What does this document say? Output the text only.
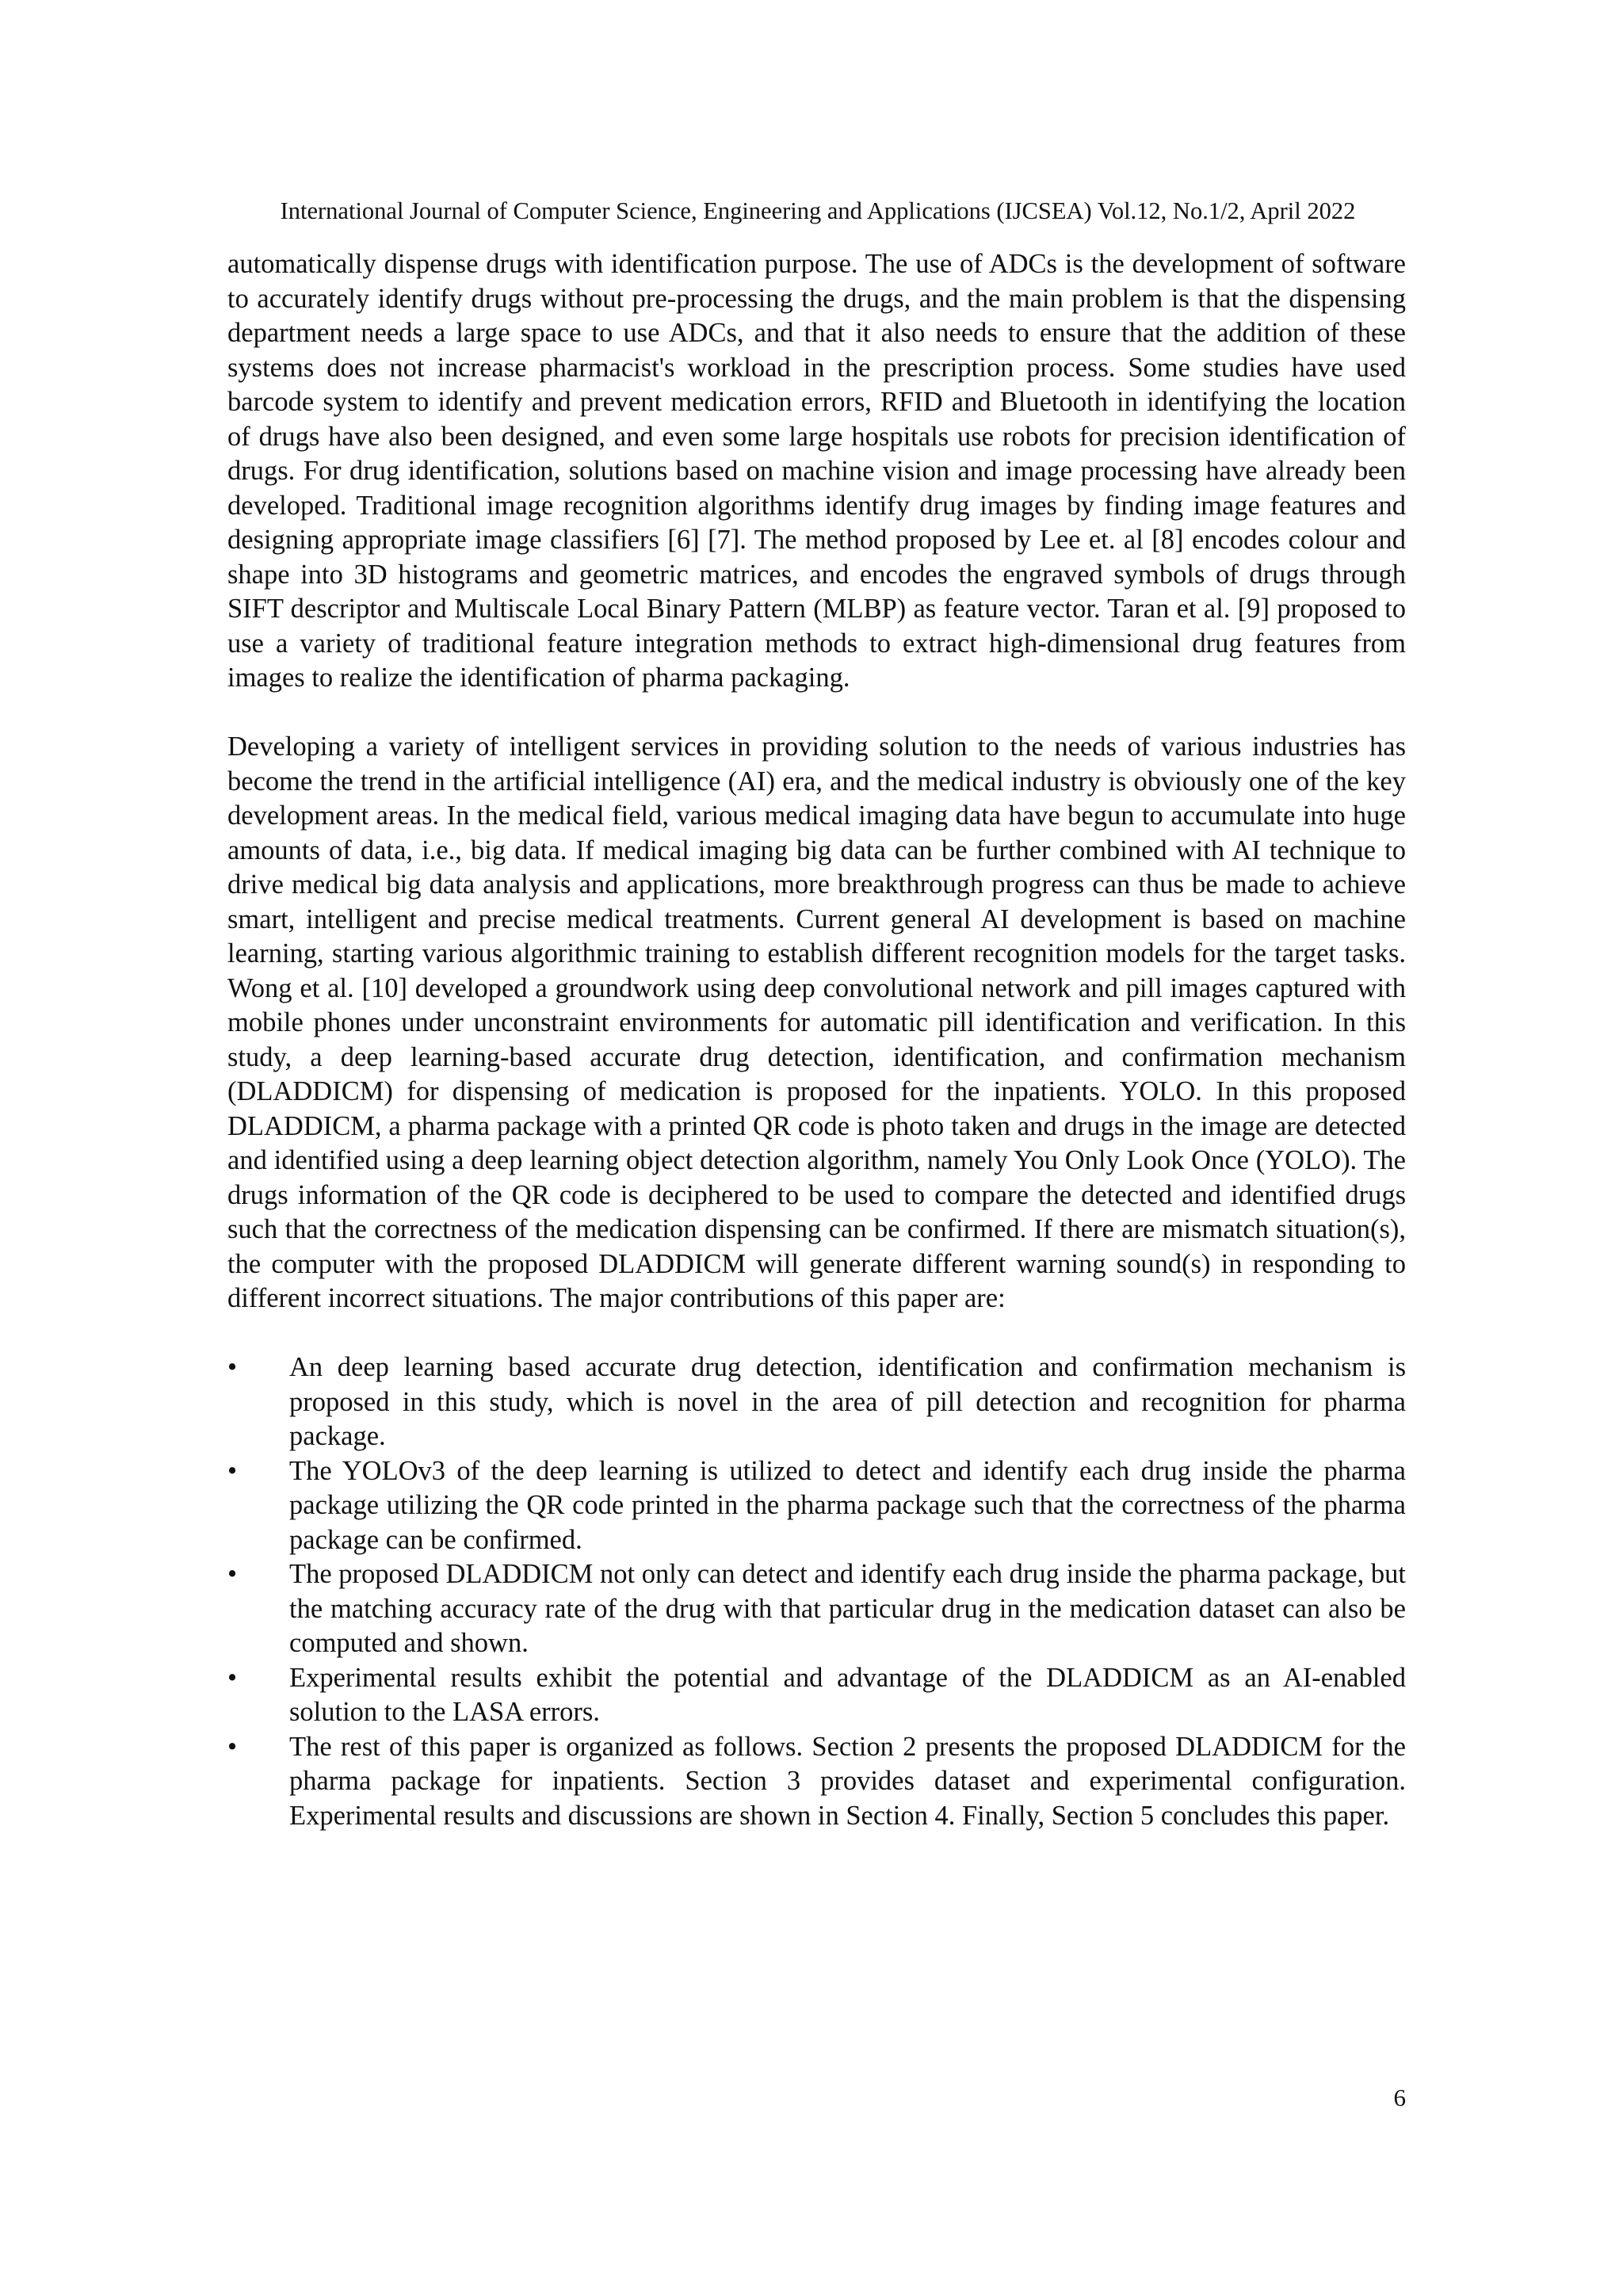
International Journal of Computer Science, Engineering and Applications (IJCSEA) Vol.12, No.1/2, April 2022

automatically dispense drugs with identification purpose. The use of ADCs is the development of software to accurately identify drugs without pre-processing the drugs, and the main problem is that the dispensing department needs a large space to use ADCs, and that it also needs to ensure that the addition of these systems does not increase pharmacist's workload in the prescription process. Some studies have used barcode system to identify and prevent medication errors, RFID and Bluetooth in identifying the location of drugs have also been designed, and even some large hospitals use robots for precision identification of drugs. For drug identification, solutions based on machine vision and image processing have already been developed. Traditional image recognition algorithms identify drug images by finding image features and designing appropriate image classifiers [6] [7]. The method proposed by Lee et. al [8] encodes colour and shape into 3D histograms and geometric matrices, and encodes the engraved symbols of drugs through SIFT descriptor and Multiscale Local Binary Pattern (MLBP) as feature vector. Taran et al. [9] proposed to use a variety of traditional feature integration methods to extract high-dimensional drug features from images to realize the identification of pharma packaging.

Developing a variety of intelligent services in providing solution to the needs of various industries has become the trend in the artificial intelligence (AI) era, and the medical industry is obviously one of the key development areas. In the medical field, various medical imaging data have begun to accumulate into huge amounts of data, i.e., big data. If medical imaging big data can be further combined with AI technique to drive medical big data analysis and applications, more breakthrough progress can thus be made to achieve smart, intelligent and precise medical treatments. Current general AI development is based on machine learning, starting various algorithmic training to establish different recognition models for the target tasks. Wong et al. [10] developed a groundwork using deep convolutional network and pill images captured with mobile phones under unconstraint environments for automatic pill identification and verification. In this study, a deep learning-based accurate drug detection, identification, and confirmation mechanism (DLADDICM) for dispensing of medication is proposed for the inpatients. YOLO. In this proposed DLADDICM, a pharma package with a printed QR code is photo taken and drugs in the image are detected and identified using a deep learning object detection algorithm, namely You Only Look Once (YOLO). The drugs information of the QR code is deciphered to be used to compare the detected and identified drugs such that the correctness of the medication dispensing can be confirmed. If there are mismatch situation(s), the computer with the proposed DLADDICM will generate different warning sound(s) in responding to different incorrect situations. The major contributions of this paper are:

• An deep learning based accurate drug detection, identification and confirmation mechanism is proposed in this study, which is novel in the area of pill detection and recognition for pharma package.
• The YOLOv3 of the deep learning is utilized to detect and identify each drug inside the pharma package utilizing the QR code printed in the pharma package such that the correctness of the pharma package can be confirmed.
• The proposed DLADDICM not only can detect and identify each drug inside the pharma package, but the matching accuracy rate of the drug with that particular drug in the medication dataset can also be computed and shown.
• Experimental results exhibit the potential and advantage of the DLADDICM as an AI-enabled solution to the LASA errors.
• The rest of this paper is organized as follows. Section 2 presents the proposed DLADDICM for the pharma package for inpatients. Section 3 provides dataset and experimental configuration. Experimental results and discussions are shown in Section 4. Finally, Section 5 concludes this paper.
6
